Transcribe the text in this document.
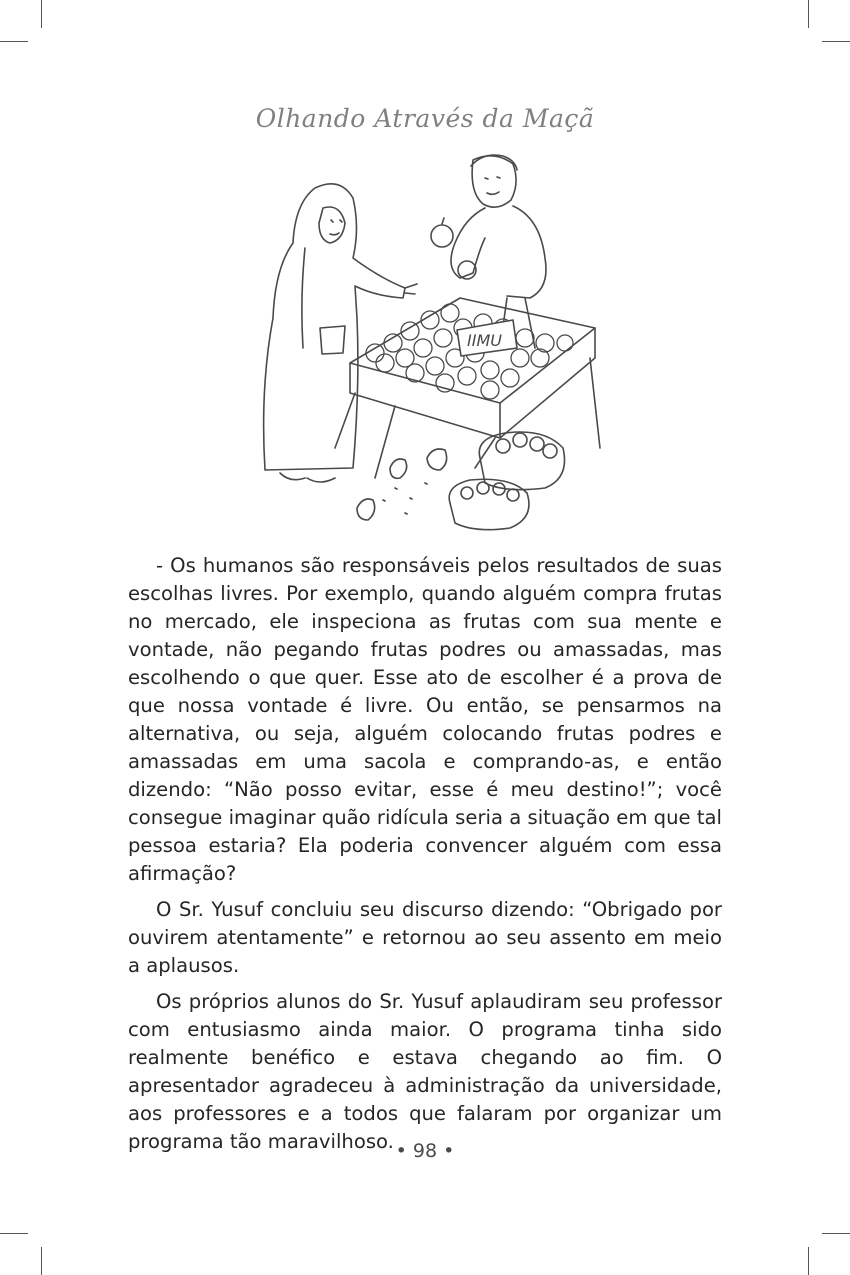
Olhando Através da Maçã
IIMU

- Os humanos são responsáveis pelos resultados de suas escolhas livres. Por exemplo, quando alguém compra frutas no mercado, ele inspeciona as frutas com sua mente e vontade, não pegando frutas podres ou amassadas, mas escolhendo o que quer. Esse ato de escolher é a prova de que nossa vontade é livre. Ou então, se pensarmos na alternativa, ou seja, alguém colocando frutas podres e amassadas em uma sacola e comprando-as, e então dizendo: “Não posso evitar, esse é meu destino!”; você consegue imaginar quão ridícula seria a situação em que tal pessoa estaria? Ela poderia convencer alguém com essa afirmação?

O Sr. Yusuf concluiu seu discurso dizendo: “Obrigado por ouvirem atentamente” e retornou ao seu assento em meio a aplausos.

Os próprios alunos do Sr. Yusuf aplaudiram seu professor com entusiasmo ainda maior. O programa tinha sido realmente benéfico e estava chegando ao fim. O apresentador agradeceu à administração da universidade, aos professores e a todos que falaram por organizar um programa tão maravilhoso. • 98 •
